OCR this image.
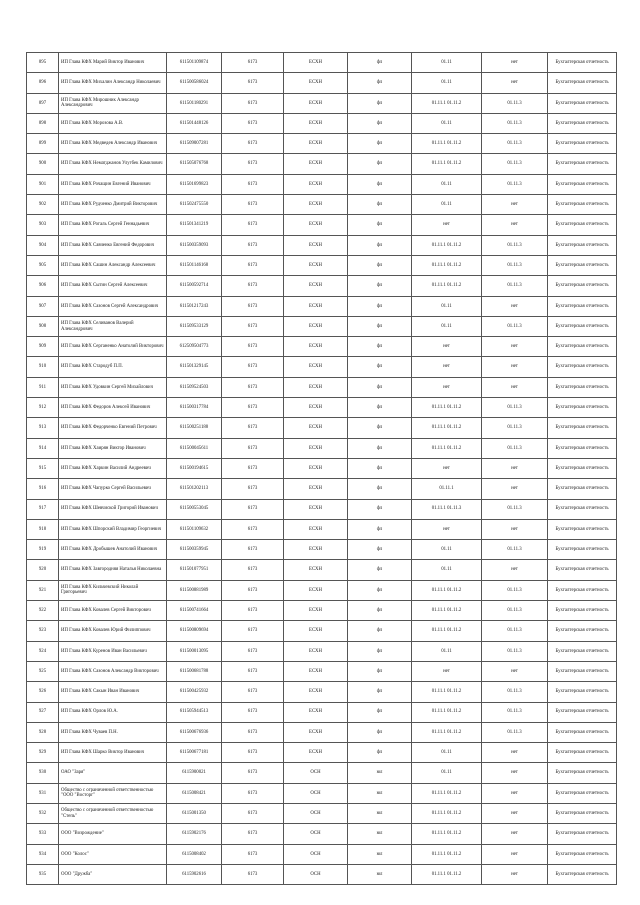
895	ИП Глава КФХ Марий Виктор Иванович	611501109874	6173	ЕСХН	фл	01.11	нет	Бухгалтерская отчетность
896	ИП Глава КФХ Михалин Александр Николаевич	611500586024	6173	ЕСХН	фл	01.11	нет	Бухгалтерская отчетность
897	ИП Глава КФХ Мирошник Александр Александрович	611501180291	6173	ЕСХН	фл	01.11.1 01.11.2	01.11.3	Бухгалтерская отчетность
898	ИП Глава КФХ Морозова А.В.	611501448126	6173	ЕСХН	фл	01.11	01.11.3	Бухгалтерская отчетность
899	ИП Глава КФХ Медведев Александр Иванович	611509007281	6173	ЕСХН	фл	01.11.1 01.11.2	01.11.3	Бухгалтерская отчетность
900	ИП Глава КФХ Нематджанов Улугбек Камилович	611505076768	6173	ЕСХН	фл	01.11.1 01.11.2	01.11.3	Бухгалтерская отчетность
901	ИП Глава КФХ Рочащин Евгений Иванович	611501699823	6173	ЕСХН	фл	01.11	01.11.3	Бухгалтерская отчетность
902	ИП Глава КФХ Рудченко Дмитрий Викторович	611502475550	6173	ЕСХН	фл	01.11	нет	Бухгалтерская отчетность
903	ИП Глава КФХ Рогаль Сергей Геннадьевич	611501341219	6173	ЕСХН	фл	нет	нет	Бухгалтерская отчетность
904	ИП Глава КФХ Савченко Евгений Федорович	611500359093	6173	ЕСХН	фл	01.11.1 01.11.2	01.11.3	Бухгалтерская отчетность
905	ИП Глава КФХ Сашин Александр Алексеевич	611501146168	6173	ЕСХН	фл	01.11.1 01.11.2	01.11.3	Бухгалтерская отчетность
906	ИП Глава КФХ Сытин Сергей Алексеевич	611500592714	6173	ЕСХН	фл	01.11.1 01.11.2	01.11.3	Бухгалтерская отчетность
907	ИП Глава КФХ Сазонов Сергей Александрович	611501217243	6173	ЕСХН	фл	01.11	нет	Бухгалтерская отчетность
908	ИП Глава КФХ Селиванов Валерий Александрович	611509533129	6173	ЕСХН	фл	01.11	01.11.3	Бухгалтерская отчетность
909	ИП Глава КФХ Серганенко Анатолий Викторович	612509504773	6173	ЕСХН	фл	нет	нет	Бухгалтерская отчетность
910	ИП Глава КФХ Стародуб П.П.	611501329145	6173	ЕСХН	фл	нет	нет	Бухгалтерская отчетность
911	ИП Глава КФХ Удовкин Сергей Михайлович	611509524503	6173	ЕСХН	фл	нет	нет	Бухгалтерская отчетность
912	ИП Глава КФХ Федоров Алексей Иванович	611500317784	6173	ЕСХН	фл	01.11.1 01.11.2	01.11.3	Бухгалтерская отчетность
913	ИП Глава КФХ Федорченко Евгений Петрович	611500251188	6173	ЕСХН	фл	01.11.1 01.11.2	01.11.3	Бухгалтерская отчетность
914	ИП Глава КФХ Хаирян Виктор Иванович	611500045611	6173	ЕСХН	фл	01.11.1 01.11.2	01.11.3	Бухгалтерская отчетность
915	ИП Глава КФХ Харкин Василий Андреевич	611500194615	6173	ЕСХН	фл	нет	нет	Бухгалтерская отчетность
916	ИП Глава КФХ Чапурко Сергей Васильевич	611501202113	6173	ЕСХН	фл	01.11.1	нет	Бухгалтерская отчетность
917	ИП Глава КФХ Шевчиской Григорий Иванович	611500553045	6173	ЕСХН	фл	01.11.1 01.11.3	01.11.3	Бухгалтерская отчетность
918	ИП Глава КФХ Шпорский Владимир Георгиевич	611501109632	6173	ЕСХН	фл	нет	нет	Бухгалтерская отчетность
919	ИП Глава КФХ Дробышев Анатолий Иванович	611500359945	6173	ЕСХН	фл	01.11	01.11.3	Бухгалтерская отчетность
920	ИП Глава КФХ Завгородняя Наталья Николаевна	611501077951	6173	ЕСХН	фл	01.11	нет	Бухгалтерская отчетность
921	ИП Глава КФХ Кильчевский Николай Григорьевич	611500881989	6173	ЕСХН	фл	01.11.1 01.11.2	01.11.3	Бухгалтерская отчетность
922	ИП Глава КФХ Ковалев Сергей Викторович	611500741664	6173	ЕСХН	фл	01.11.1 01.11.2	01.11.3	Бухгалтерская отчетность
923	ИП Глава КФХ Ковалев Юрий Филиппович	611500809694	6173	ЕСХН	фл	01.11.1 01.11.2	01.11.3	Бухгалтерская отчетность
924	ИП Глава КФХ Куренов Иван Васильевич	611500013095	6173	ЕСХН	фл	01.11	01.11.3	Бухгалтерская отчетность
925	ИП Глава КФХ Сазонов Александр Викторович	611500681788	6173	ЕСХН	фл	нет	нет	Бухгалтерская отчетность
926	ИП Глава КФХ Сакын Иван Иванович	611500425932	6173	ЕСХН	фл	01.11.1 01.11.2	01.11.3	Бухгалтерская отчетность
927	ИП Глава КФХ Орлов Ю.А.	611505944513	6173	ЕСХН	фл	01.11.1 01.11.2	01.11.3	Бухгалтерская отчетность
928	ИП Глава КФХ Чуваев П.Н.	611500676936	6173	ЕСХН	фл	01.11.1 01.11.2	01.11.3	Бухгалтерская отчетность
929	ИП Глава КФХ Шарко Виктор Иванович	611500677181	6173	ЕСХН	фл	01.11	нет	Бухгалтерская отчетность
930	ОАО "Заря"	6115900021	6173	ОСН	юл	01.11	нет	Бухгалтерская отчетность
931	Общество с ограниченной ответственностью "ООО "Восторг"	6115008421	6173	ОСН	юл	01.11.1 01.11.2	нет	Бухгалтерская отчетность
932	Общество с ограниченной ответственностью "Степь"	6115001350	6173	ОСН	юл	01.11.1 01.11.2	нет	Бухгалтерская отчетность
933	ООО "Возрождение"	6115902176	6173	ОСН	юл	01.11.1 01.11.2	нет	Бухгалтерская отчетность
934	ООО "Колос"	6115008402	6173	ОСН	юл	01.11.1 01.11.2	нет	Бухгалтерская отчетность
935	ООО "Дружба"	6115902616	6173	ОСН	юл	01.11.1 01.11.2	нет	Бухгалтерская отчетность
